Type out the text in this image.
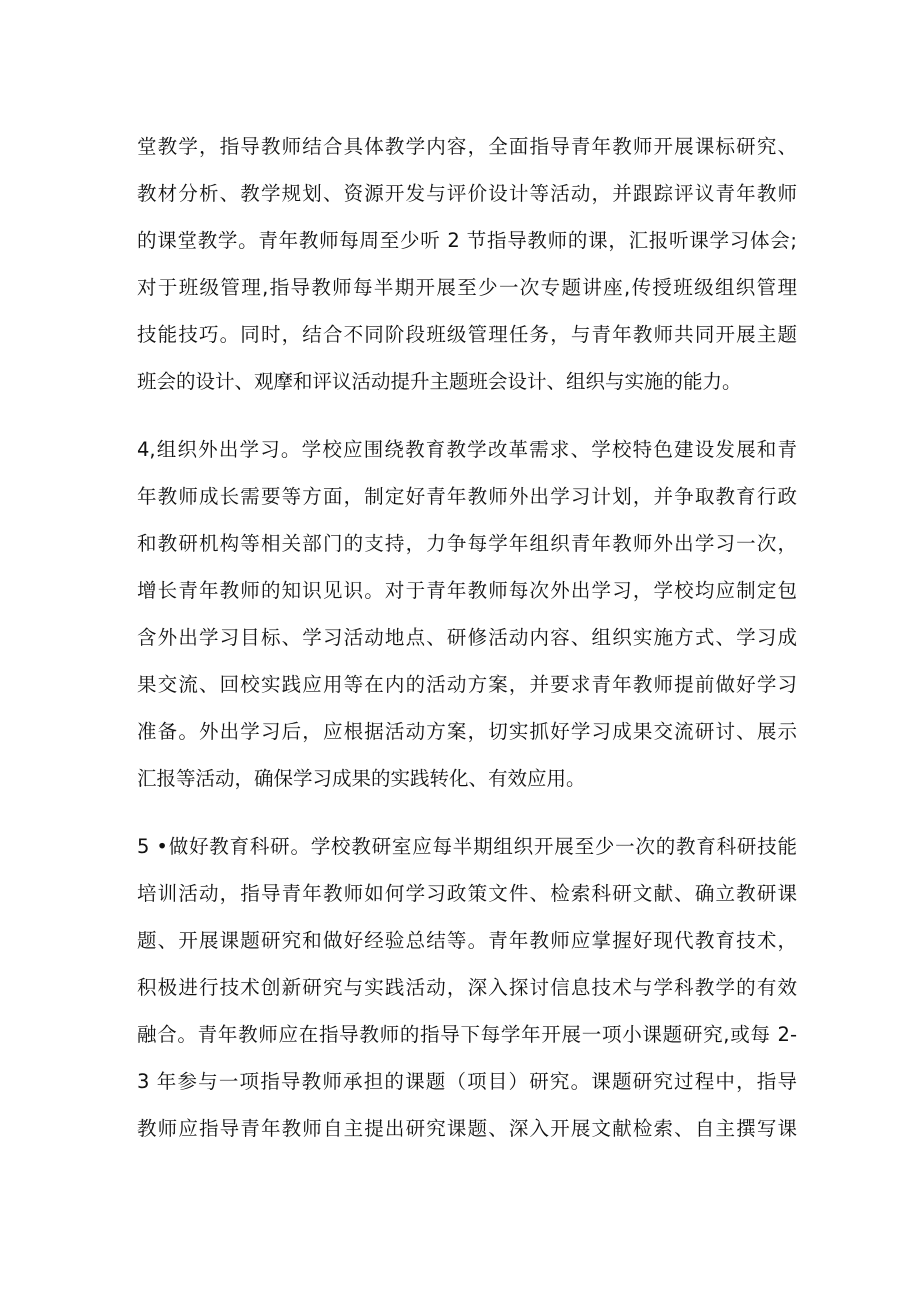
堂教学，指导教师结合具体教学内容，全面指导青年教师开展课标研究、
教材分析、教学规划、资源开发与评价设计等活动，并跟踪评议青年教师
的课堂教学。青年教师每周至少听 2 节指导教师的课，汇报听课学习体会;
对于班级管理,指导教师每半期开展至少一次专题讲座,传授班级组织管理
技能技巧。同时，结合不同阶段班级管理任务，与青年教师共同开展主题
班会的设计、观摩和评议活动提升主题班会设计、组织与实施的能力。
4,组织外出学习。学校应围绕教育教学改革需求、学校特色建设发展和青
年教师成长需要等方面，制定好青年教师外出学习计划，并争取教育行政
和教研机构等相关部门的支持，力争每学年组织青年教师外出学习一次，
增长青年教师的知识见识。对于青年教师每次外出学习，学校均应制定包
含外出学习目标、学习活动地点、研修活动内容、组织实施方式、学习成
果交流、回校实践应用等在内的活动方案，并要求青年教师提前做好学习
准备。外出学习后，应根据活动方案，切实抓好学习成果交流研讨、展示
汇报等活动，确保学习成果的实践转化、有效应用。
5 •做好教育科研。学校教研室应每半期组织开展至少一次的教育科研技能
培训活动，指导青年教师如何学习政策文件、检索科研文献、确立教研课
题、开展课题研究和做好经验总结等。青年教师应掌握好现代教育技术，
积极进行技术创新研究与实践活动，深入探讨信息技术与学科教学的有效
融合。青年教师应在指导教师的指导下每学年开展一项小课题研究,或每 2-
3 年参与一项指导教师承担的课题（项目）研究。课题研究过程中，指导
教师应指导青年教师自主提出研究课题、深入开展文献检索、自主撰写课
